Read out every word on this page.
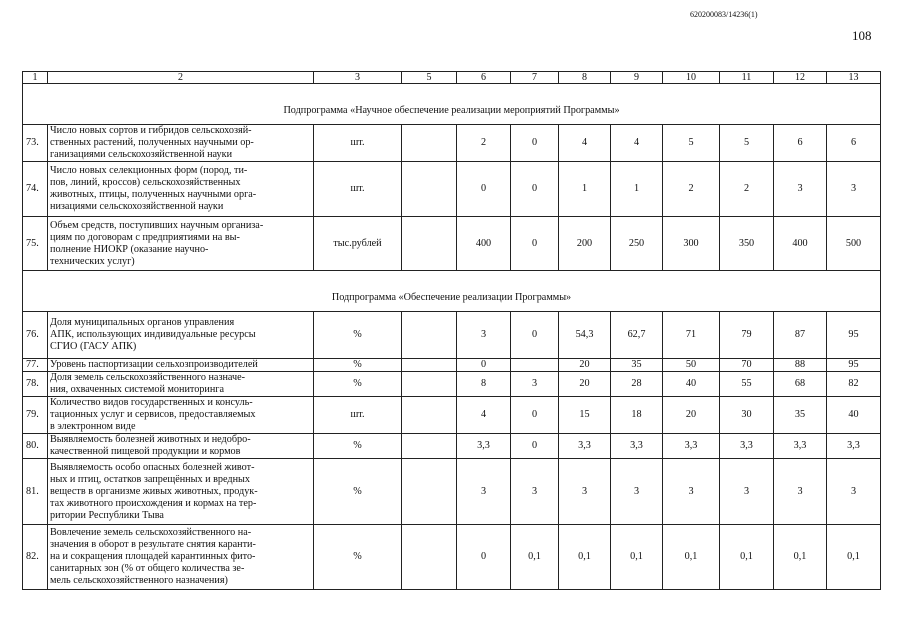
620200083/14236(1)
108
1	2	3	5	6	7	8	9	10	11	12	13
Подпрограмма «Научное обеспечение реализации мероприятий Программы»											
73.	Число новых сортов и гибридов сельскохозяй-
ственных растений, полученных научными ор-
ганизациями сельскохозяйственной науки	шт.		2	0	4	4	5	5	6	6
74.	Число новых селекционных форм (пород, ти-
пов, линий, кроссов) сельскохозяйственных
животных, птицы, полученных научными орга-
низациями сельскохозяйственной науки	шт.		0	0	1	1	2	2	3	3
75.	Объем средств, поступивших научным организа-
циям по договорам с предприятиями на вы-
полнение НИОКР (оказание научно-
технических услуг)	тыс.рублей		400	0	200	250	300	350	400	500
Подпрограмма «Обеспечение реализации Программы»											
76.	Доля муниципальных органов управления
АПК, использующих индивидуальные ресурсы
СГИО (ГАСУ АПК)	%		3	0	54,3	62,7	71	79	87	95
77.	Уровень паспортизации сельхозпроизводителей	%		0		20	35	50	70	88	95
78.	Доля земель сельскохозяйственного назначе-
ния, охваченных системой мониторинга	%		8	3	20	28	40	55	68	82
79.	Количество видов государственных и консуль-
тационных услуг и сервисов, предоставляемых
в электронном виде	шт.		4	0	15	18	20	30	35	40
80.	Выявляемость болезней животных и недобро-
качественной пищевой продукции и кормов	%		3,3	0	3,3	3,3	3,3	3,3	3,3	3,3
81.	Выявляемость особо опасных болезней живот-
ных и птиц, остатков запрещённых и вредных
веществ в организме живых животных, продук-
тах животного происхождения и кормах на тер-
ритории Республики Тыва	%		3	3	3	3	3	3	3	3
82.	Вовлечение земель сельскохозяйственного на-
значения в оборот в результате снятия каранти-
на и сокращения площадей карантинных фито-
санитарных зон (% от общего количества зе-
мель сельскохозяйственного назначения)	%		0	0,1	0,1	0,1	0,1	0,1	0,1	0,1
